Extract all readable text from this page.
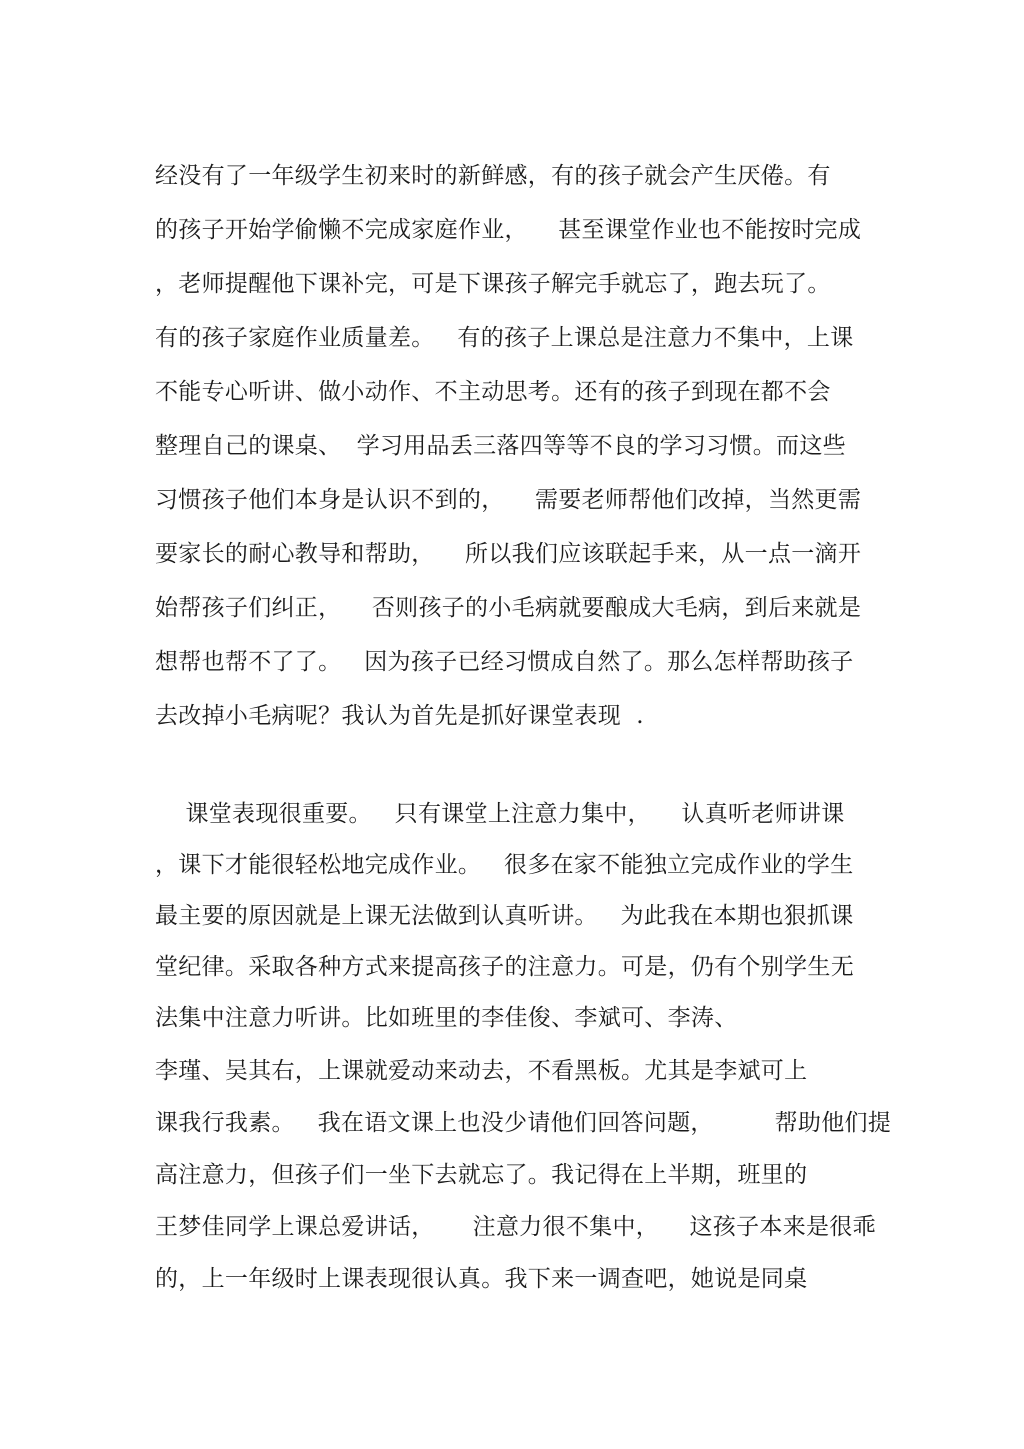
经没有了一年级学生初来时的新鲜感，有的孩子就会产生厌倦。有
的孩子开始学偷懒不完成家庭作业，    甚至课堂作业也不能按时完成
，老师提醒他下课补完，可是下课孩子解完手就忘了，跑去玩了。
有的孩子家庭作业质量差。   有的孩子上课总是注意力不集中，上课
不能专心听讲、做小动作、不主动思考。还有的孩子到现在都不会
整理自己的课桌、  学习用品丢三落四等等不良的学习习惯。而这些
习惯孩子他们本身是认识不到的，    需要老师帮他们改掉，当然更需
要家长的耐心教导和帮助，    所以我们应该联起手来，从一点一滴开
始帮孩子们纠正，    否则孩子的小毛病就要酿成大毛病，到后来就是
想帮也帮不了了。   因为孩子已经习惯成自然了。那么怎样帮助孩子
去改掉小毛病呢？我认为首先是抓好课堂表现  .
课堂表现很重要。   只有课堂上注意力集中，    认真听老师讲课
，课下才能很轻松地完成作业。   很多在家不能独立完成作业的学生
最主要的原因就是上课无法做到认真听讲。   为此我在本期也狠抓课
堂纪律。采取各种方式来提高孩子的注意力。可是，仍有个别学生无
法集中注意力听讲。比如班里的李佳俊、李斌可、李涛、
李瑾、吴其右，上课就爱动来动去，不看黑板。尤其是李斌可上
课我行我素。   我在语文课上也没少请他们回答问题，        帮助他们提
高注意力，但孩子们一坐下去就忘了。我记得在上半期，班里的
王梦佳同学上课总爱讲话，     注意力很不集中，    这孩子本来是很乖
的，上一年级时上课表现很认真。我下来一调查吧，她说是同桌
